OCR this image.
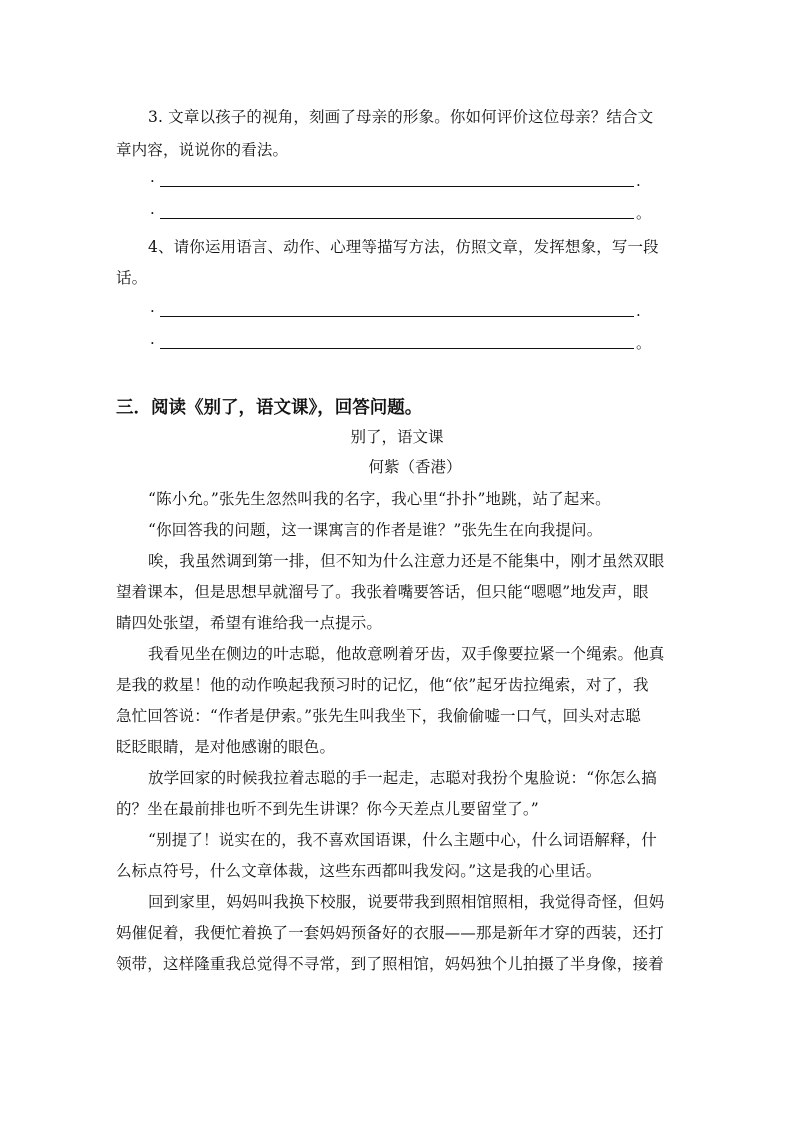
3. 文章以孩子的视角，刻画了母亲的形象。你如何评价这位母亲？结合文
章内容，说说你的看法。
·	.
·	。
4、请你运用语言、动作、心理等描写方法，仿照文章，发挥想象，写一段
话。
·	.
·	。
三．阅读《别了，语文课》，回答问题。
别了，语文课
何紫（香港）
“陈小允。”张先生忽然叫我的名字，我心里“扑扑”地跳，站了起来。
“你回答我的问题，这一课寓言的作者是谁？”张先生在向我提问。
唉，我虽然调到第一排，但不知为什么注意力还是不能集中，刚才虽然双眼
望着课本，但是思想早就溜号了。我张着嘴要答话，但只能“嗯嗯”地发声，眼
睛四处张望，希望有谁给我一点提示。
我看见坐在侧边的叶志聪，他故意咧着牙齿，双手像要拉紧一个绳索。他真
是我的救星！他的动作唤起我预习时的记忆，他“依”起牙齿拉绳索，对了，我
急忙回答说：“作者是伊索。”张先生叫我坐下，我偷偷嘘一口气，回头对志聪
眨眨眼睛，是对他感谢的眼色。
放学回家的时候我拉着志聪的手一起走，志聪对我扮个鬼脸说：“你怎么搞
的？坐在最前排也听不到先生讲课？你今天差点儿要留堂了。”
“别提了！说实在的，我不喜欢国语课，什么主题中心，什么词语解释，什
么标点符号，什么文章体裁，这些东西都叫我发闷。”这是我的心里话。
回到家里，妈妈叫我换下校服，说要带我到照相馆照相，我觉得奇怪，但妈
妈催促着，我便忙着换了一套妈妈预备好的衣服——那是新年才穿的西装，还打
领带，这样隆重我总觉得不寻常，到了照相馆，妈妈独个儿拍摄了半身像，接着
